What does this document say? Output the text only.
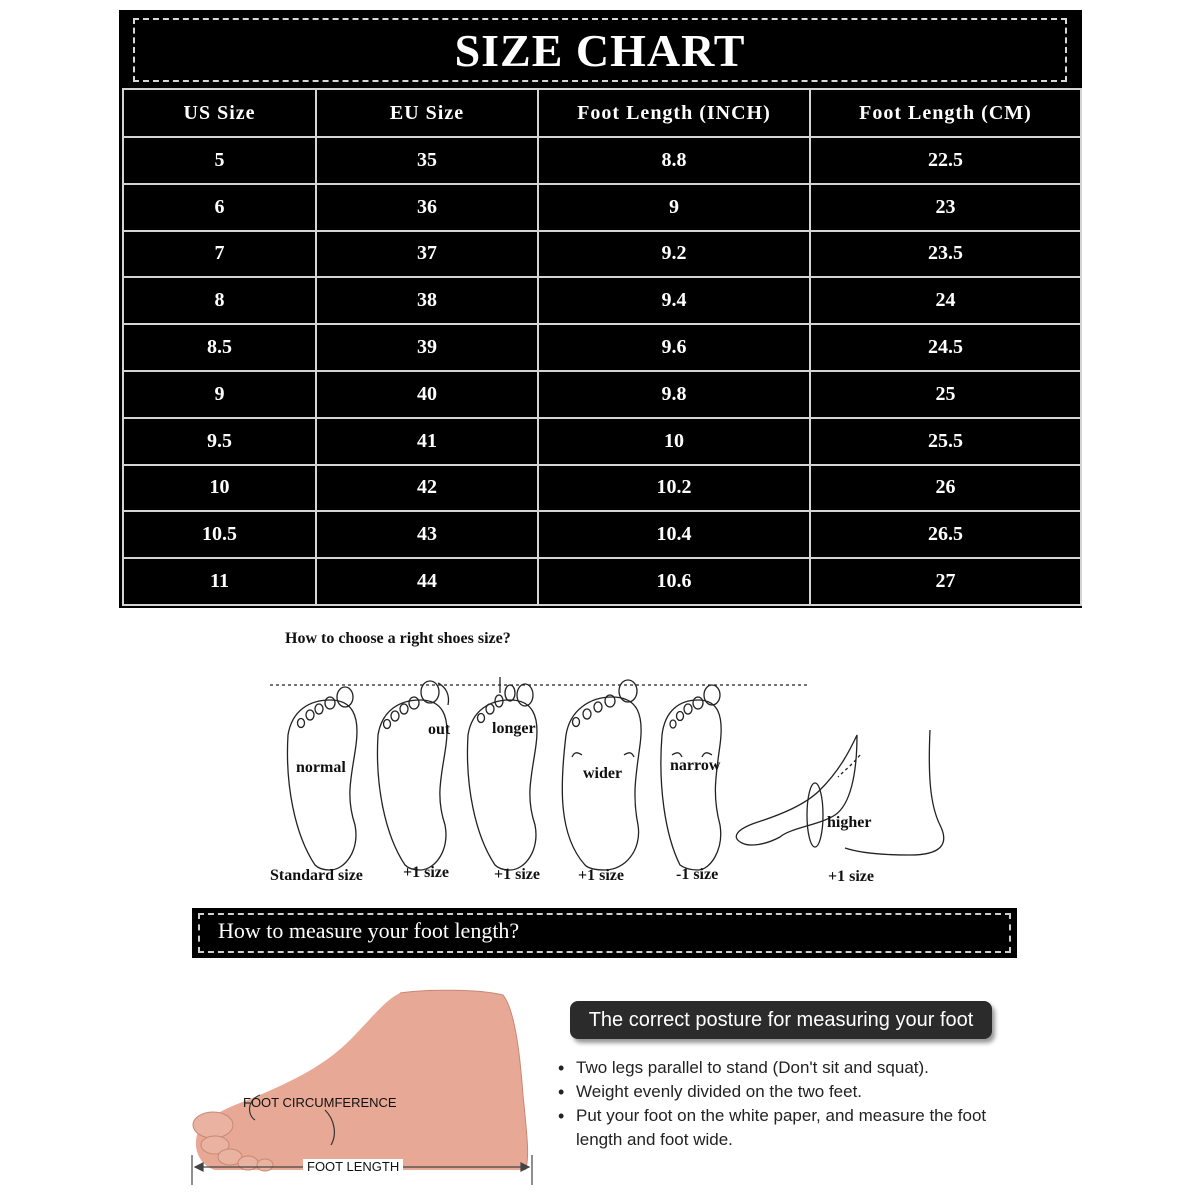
SIZE CHART
US Size	EU Size	Foot Length (INCH)	Foot Length (CM)
5	35	8.8	22.5
6	36	9	23
7	37	9.2	23.5
8	38	9.4	24
8.5	39	9.6	24.5
9	40	9.8	25
9.5	41	10	25.5
10	42	10.2	26
10.5	43	10.4	26.5
11	44	10.6	27
How to choose a right shoes size?
normal
out	longer
wider	narrow
higher
Standard size	+1 size	+1 size +1 size	-1 size	+1 size
How to measure your foot length?
FOOT CIRCUMFERENCE
FOOT LENGTH
The correct posture for measuring your foot
• Two legs parallel to stand (Don't sit and squat).
• Weight evenly divided on the two feet.
• Put your foot on the white paper, and measure the foot length and foot wide.
